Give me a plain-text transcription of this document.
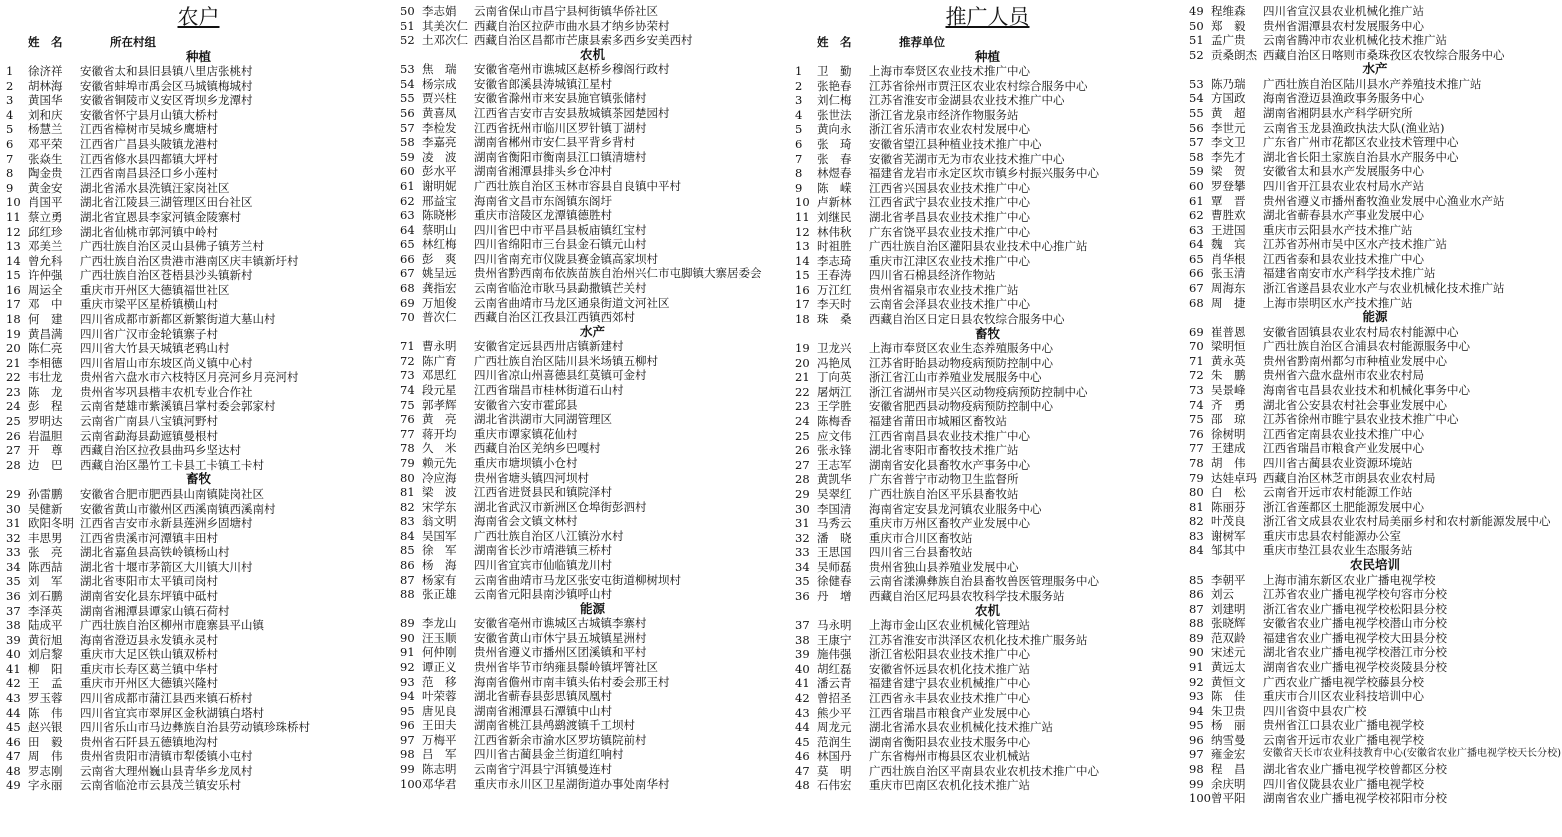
农户
姓　名	所在村组
种植
1	徐济祥	安徽省太和县旧县镇八里店张桃村
2	胡林海	安徽省蚌埠市禹会区马城镇梅城村
3	黄国华	安徽省铜陵市义安区胥坝乡龙潭村
4	刘和庆	安徽省怀宁县月山镇大桥村
5	杨慧兰	江西省樟树市吴城乡鹰塘村
6	邓平荣	江西省广昌县头陂镇龙港村
7	张焱生	江西省修水县四都镇大坪村
8	陶金贵	江西省南昌县泾口乡小莲村
9	黄金安	湖北省浠水县洗镇汪家岗社区
10 肖国平	湖北省江陵县三湖管理区田台社区
11 蔡立勇	湖北省宜恩县李家河镇金陵寨村
12 邱红珍	湖北省仙桃市郭河镇中岭村
13 邓美兰	广西壮族自治区灵山县佛子镇芳兰村
14 曾允科	广西壮族自治区贵港市港南区庆丰镇新圩村
15 许仲强	广西壮族自治区苍梧县沙头镇新村
16 周运全	重庆市开州区大德镇福世社区
17 邓　中	重庆市梁平区星桥镇横山村
18 何　建	四川省成都市新都区新繁街道大墓山村
19 黄昌满	四川省广汉市金轮镇寨子村
20 陈仁亮	四川省大竹县天城镇老鸦山村
21 李相德	四川省眉山市东坡区尚义镇中心村
22 韦壮龙	贵州省六盘水市六枝特区月亮河乡月亮河村
23 陈　龙	贵州省岑巩县楷丰农机专业合作社
24 彭　程	云南省楚雄市紫溪镇吕掌村委会郭家村
25 罗明达	云南省广南县八宝镇河野村
26 岩温胆	云南省勐海县勐遮镇曼根村
27 开　尊	西藏自治区拉孜县曲玛乡坚达村
28 边　巴	西藏自治区墨竹工卡县工卡镇工卡村
畜牧
29 孙雷鹏	安徽省合肥市肥西县山南镇陡岗社区
30 吴健新	安徽省黄山市徽州区西溪南镇西溪南村
31 欧阳冬明 江西省吉安市永新县莲洲乡固塘村
32 丰思男	江西省贵溪市河潭镇丰田村
33 张　亮	湖北省嘉鱼县高铁岭镇杨山村
34 陈西喆	湖北省十堰市茅箭区大川镇大川村
35 刘　军	湖北省枣阳市太平镇司岗村
36 刘石鹏	湖南省安化县东坪镇中砥村
37 李泽英	湖南省湘潭县谭家山镇石荷村
38 陆成平	广西壮族自治区柳州市鹿寨县平山镇
39 黄衍旭	海南省澄迈县永发镇永灵村
40 刘启黎	重庆市大足区铁山镇双桥村
41 柳　阳	重庆市长寿区葛兰镇中华村
42 王　孟	重庆市开州区大德镇兴隆村
43 罗玉蓉	四川省成都市蒲江县西来镇石桥村
44 陈　伟	四川省宜宾市翠屏区金秋湖镇白塔村
45 赵兴银	四川省乐山市马边彝族自治县劳动镇珍珠桥村
46 田　毅	贵州省石阡县五德镇地沟村
47 周　伟	贵州省贵阳市清镇市犁倭镇小屯村
48 罗志刚	云南省大理州巍山县青华乡龙凤村
49 字永丽	云南省临沧市云县茂兰镇安乐村
50 李志娟	云南省保山市昌宁县柯街镇华侨社区
51 其美次仁 西藏自治区拉萨市曲水县才纳乡协荣村
52 土邓次仁 西藏自治区昌都市芒康县索多西乡安美西村
农机
53 焦　瑞	安徽省亳州市谯城区赵桥乡穆阁行政村
54 杨宗成	安徽省郎溪县涛城镇江星村
55 贾兴柱	安徽省滁州市来安县施官镇张储村
56 黄喜凤	江西省吉安市吉安县敖城镇茶园楚园村
57 李检发	江西省抚州市临川区罗针镇丁湖村
58 李嘉亮	湖南省郴州市安仁县平背乡背村
59 凌　波	湖南省衡阳市衡南县江口镇清塘村
60 彭水平	湖南省湘潭县排头乡仓冲村
61 谢明妮	广西壮族自治区玉林市容县自良镇中平村
62 邢益宝	海南省文昌市东阁镇东阁圩
63 陈晓彬	重庆市涪陵区龙潭镇德胜村
64 蔡明山	四川省巴中市平昌县板庙镇红宝村
65 林红梅	四川省绵阳市三台县金石镇元山村
66 彭　爽	四川省南充市仪陇县赛金镇高家坝村
67 姚呈远	贵州省黔西南布依族苗族自治州兴仁市屯脚镇大寨居委会
68 龚指宏	云南省临沧市耿马县勐撒镇芒关村
69 万旭俊	云南省曲靖市马龙区通泉街道文河社区
70 普次仁	西藏自治区江孜县江西镇西郊村
水产
71 曹永明	安徽省定远县西卅店镇新建村
72 陈广育	广西壮族自治区陆川县米场镇五柳村
73 邓思红	四川省凉山州喜德县红莫镇可金村
74 段元星	江西省瑞昌市桂林街道石山村
75 郭孝辉	安徽省六安市霍邱县
76 黄　亮	湖北省洪湖市大同湖管理区
77 蒋开均	重庆市谭家镇花仙村
78 久　米	西藏自治区羌纳乡巴嘎村
79 赖元先	重庆市塘坝镇小仓村
80 冷应海	贵州省塘头镇四河坝村
81 梁　波	江西省进贤县民和镇院泽村
82 宋学东	湖北省武汉市新洲区仓埠街彭泗村
83 翁文明	海南省会文镇文林村
84 吴国军	广西壮族自治区八江镇汾水村
85 徐　军	湖南省长沙市靖港镇三桥村
86 杨　海	四川省宜宾市仙临镇龙川村
87 杨家有	云南省曲靖市马龙区张安屯街道柳树坝村
88 张正雄	云南省元阳县南沙镇呼山村
能源
89 李龙山	安徽省亳州市谯城区古城镇李寨村
90 汪玉顺	安徽省黄山市休宁县五城镇星洲村
91 何仲刚	贵州省遵义市播州区团溪镇和平村
92 谭正义	贵州省毕节市纳雍县鬃岭镇坪箐社区
93 范　移	海南省儋州市南丰镇头佑村委会那王村
94 叶荣蓉	湖北省蕲春县彭思镇凤凰村
95 唐见良	湖南省湘潭县石潭镇中山村
96 王田夫	湖南省桃江县鸬鹚渡镇千工坝村
97 万梅平	江西省新余市渝水区罗坊镇院前村
98 吕　军	四川省古蔺县金兰街道红响村
99 陈志明	云南省宁洱县宁洱镇曼连村
100 邓华君	重庆市永川区卫星湖街道办事处南华村
推广人员
姓　名	推荐单位
种植
1	卫　勤	上海市奉贤区农业技术推广中心
2	张艳春	江苏省徐州市贾汪区农业农村综合服务中心
3	刘仁梅	江苏省淮安市金湖县农业技术推广中心
4	张世法	浙江省龙泉市经济作物服务站
5	黄向永	浙江省乐清市农业农村发展中心
6	张　琦	安徽省望江县种植业技术推广中心
7	张　春	安徽省芜湖市无为市农业技术推广中心
8	林煜春	福建省龙岩市永定区坎市镇乡村振兴服务中心
9	陈　嵘	江西省兴国县农业技术推广中心
10 卢新林	江西省武宁县农业技术推广中心
11 刘继民	湖北省孝昌县农业技术推广中心
12 林伟秋	广东省饶平县农业技术推广中心
13 时祖胜	广西壮族自治区灌阳县农业技术中心推广站
14 李志琦	重庆市江津区农业技术推广中心
15 王春涛	四川省石棉县经济作物站
16 万江红	贵州省福泉市农业技术推广站
17 李天时	云南省会泽县农业技术推广中心
18 珠　桑	西藏自治区日定日县农牧综合服务中心
畜牧
19 卫龙兴	上海市奉贤区农业生态养殖服务中心
20 冯艳凤	江苏省盱眙县动物疫病预防控制中心
21 丁向英	浙江省江山市养殖业发展服务中心
22 屠炳江	浙江省湖州市吴兴区动物疫病预防控制中心
23 王学胜	安徽省肥西县动物疫病预防控制中心
24 陈梅香	福建省莆田市城厢区畜牧站
25 应文伟	江西省南昌县农业技术推广中心
26 张永锋	湖北省枣阳市畜牧技术推广站
27 王志军	湖南省安化县畜牧水产事务中心
28 黄凯华	广东省普宁市动物卫生监督所
29 吴翠红	广西壮族自治区平乐县畜牧站
30 李国清	海南省定安县龙河镇农业服务中心
31 马秀云	重庆市万州区畜牧产业发展中心
32 潘　晓	重庆市合川区畜牧站
33 王思国	四川省三台县畜牧站
34 吴师磊	贵州省独山县养殖业发展中心
35 徐健春	云南省漾濞彝族自治县畜牧兽医管理服务中心
36 丹　增	西藏自治区尼玛县农牧科学技术服务站
农机
37 马永明	上海市金山区农业机械化管理站
38 王康宁	江苏省淮安市洪泽区农机化技术推广服务站
39 施伟强	浙江省松阳县农业技术推广中心
40 胡红磊	安徽省怀远县农机化技术推广站
41 潘云青	福建省建宁县农业机械推广中心
42 曾招圣	江西省永丰县农业技术推广中心
43 熊少平	江西省瑞昌市粮食产业发展中心
44 周龙元	湖北省浠水县农业机械化技术推广站
45 范润生	湖南省衡阳县农业技术服务中心
46 林国丹	广东省梅州市梅县区农业机械站
47 莫　明	广西壮族自治区平南县农业农机技术推广中心
48 石伟宏	重庆市巴南区农机化技术推广站
49 程维森	四川省宣汉县农业机械化推广站
50 郑　毅	贵州省湄潭县农村发展服务中心
51 孟广贵	云南省腾冲市农业机械化技术推广站
52 贡桑朗杰 西藏自治区日喀则市桑珠孜区农牧综合服务中心
水产
53 陈乃瑞	广西壮族自治区陆川县水产养殖技术推广站
54 方国政	海南省澄迈县渔政事务服务中心
55 黄　超	湖南省湘阴县水产科学研究所
56 李世元	云南省玉龙县渔政执法大队(渔业站)
57 李文卫	广东省广州市花都区农业技术管理中心
58 李先才	湖北省长阳土家族自治县水产服务中心
59 梁　贺	安徽省太和县水产发展服务中心
60 罗登攀	四川省开江县农业农村局水产站
61 覃　晋	贵州省遵义市播州畜牧渔业发展中心渔业水产站
62 曹胜欢	湖北省蕲春县水产事业发展中心
63 王进国	重庆市云阳县水产技术推广站
64 魏　宾	江苏省苏州市吴中区水产技术推广站
65 肖华根	江西省泰和县农业技术推广中心
66 张玉清	福建省南安市水产科学技术推广站
67 周海东	浙江省遂昌县农业水产与农业机械化技术推广站
68 周　捷	上海市崇明区水产技术推广站
能源
69 崔普恩	安徽省固镇县农业农村局农村能源中心
70 梁明恒	广西壮族自治区合浦县农村能源服务中心
71 黄永英	贵州省黔南州都匀市种植业发展中心
72 朱　鹏	贵州省六盘水盘州市农业农村局
73 吴景峰	海南省屯昌县农业技术和机械化事务中心
74 齐　勇	湖北省公安县农村社会事业发展中心
75 邵　琼	江苏省徐州市睢宁县农业技术推广中心
76 徐树明	江西省定南县农业技术推广中心
77 王建成	江西省瑞昌市粮食产业发展中心
78 胡　伟	四川省古蔺县农业资源环境站
79 达娃卓玛 西藏自治区林芝市朗县农业农村局
80 白　松	云南省开远市农村能源工作站
81 陈丽芬	浙江省莲都区土肥能源发展中心
82 叶茂良	浙江省文成县农业农村局美丽乡村和农村新能源发展中心
83 谢树军	重庆市忠县农村能源办公室
84 邹其中	重庆市垫江县农业生态服务站
农民培训
85 李朝平	上海市浦东新区农业广播电视学校
86 刘云	江苏省农业广播电视学校句容市分校
87 刘建明	浙江省农业广播电视学校松阳县分校
88 张晓辉	安徽省农业广播电视学校潜山市分校
89 范双龄	福建省农业广播电视学校大田县分校
90 宋述元	湖北省农业广播电视学校潜江市分校
91 黄远太	湖南省农业广播电视学校炎陵县分校
92 黄恒文	广西农业广播电视学校藤县分校
93 陈　佳	重庆市合川区农业科技培训中心
94 朱卫贵	四川省资中县农广校
95 杨　丽	贵州省江口县农业广播电视学校
96 纳雪曼	云南省开远市农业广播电视学校
97 雍金宏	安徽省天长市农业科技教育中心(安徽省农业广播电视学校天长分校)
98 程　昌	湖北省农业广播电视学校曾都区分校
99 余庆明	四川省仪陇县农业广播电视学校
100 曾平阳	湖南省农业广播电视学校祁阳市分校
